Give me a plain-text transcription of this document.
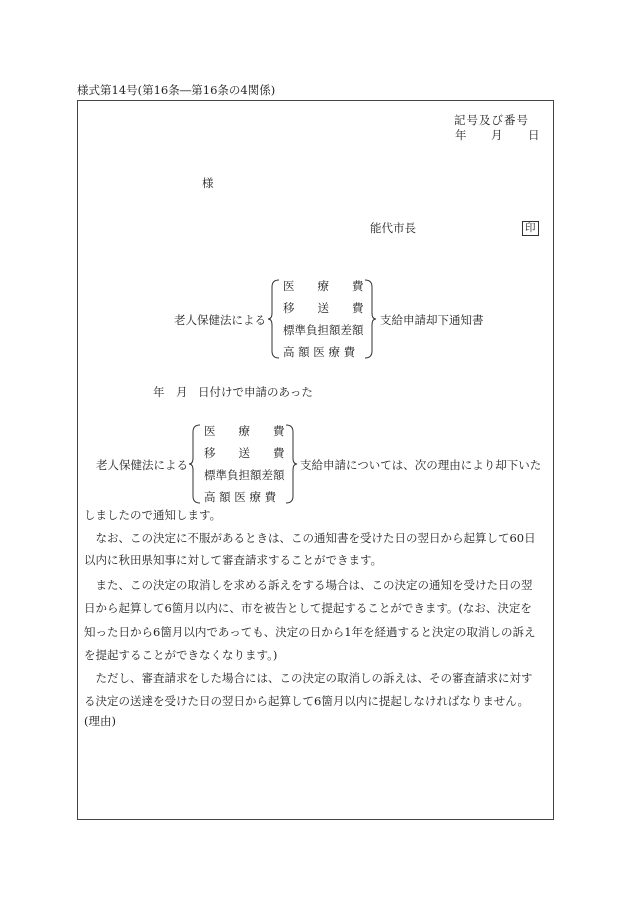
様式第14号(第16条―第16条の4関係)
記号及び番号
年 月 日
様
能代市長	印
老人保健法による
医　　療　　費
移　　送　　費
標準負担額差額
高 額 医 療 費
支給申請却下通知書
年 月 日付けで申請のあった
老人保健法による
医　　療　　費
移　　送　　費
標準負担額差額
高 額 医 療 費
支給申請については、次の理由により却下いた
しましたので通知します。
　なお、この決定に不服があるときは、この通知書を受けた日の翌日から起算して60日
以内に秋田県知事に対して審査請求することができます。
　また、この決定の取消しを求める訴えをする場合は、この決定の通知を受けた日の翌
日から起算して6箇月以内に、市を被告として提起することができます。(なお、決定を
知った日から6箇月以内であっても、決定の日から1年を経過すると決定の取消しの訴え
を提起することができなくなります。)
　ただし、審査請求をした場合には、この決定の取消しの訴えは、その審査請求に対す
る決定の送達を受けた日の翌日から起算して6箇月以内に提起しなければなりません。
(理由)
